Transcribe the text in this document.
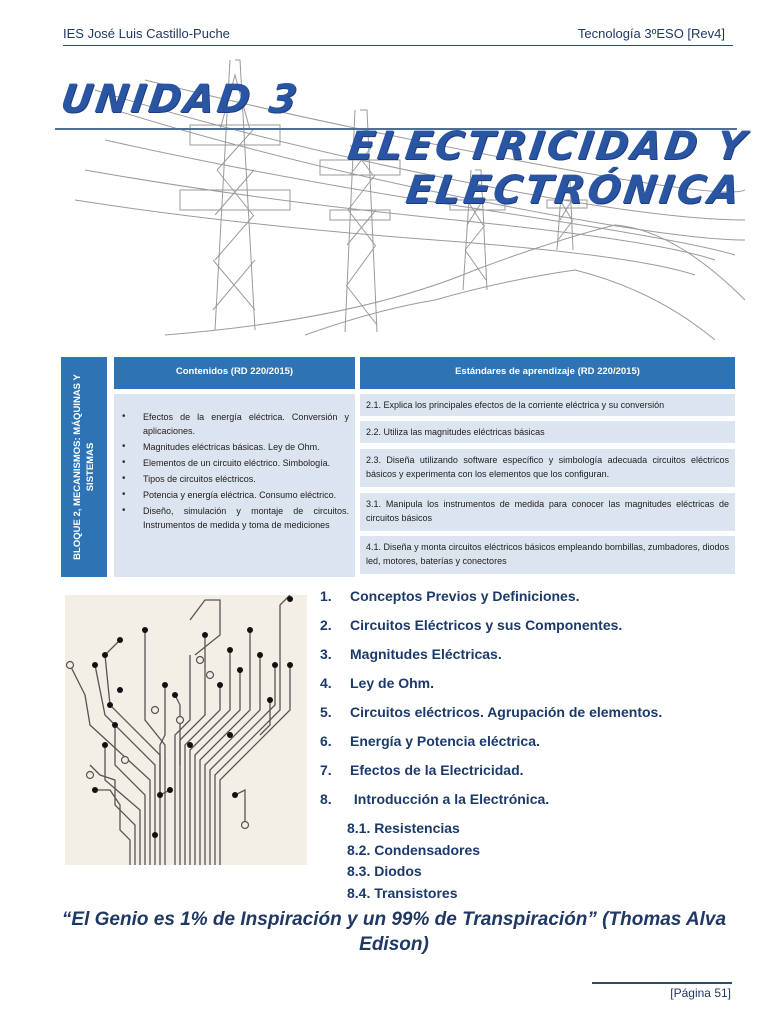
IES José Luis Castillo-Puche	Tecnología 3ºESO [Rev4]
UNIDAD 3
ELECTRICIDAD Y
ELECTRÓNICA
BLOQUE 2, MECANISMOS: MÁQUINAS Y SISTEMAS
Contenidos (RD 220/2015)	Estándares de aprendizaje (RD 220/2015)
• Efectos de la energía eléctrica. Conversión y aplicaciones.
• Magnitudes eléctricas básicas. Ley de Ohm.
• Elementos de un circuito eléctrico. Simbología.
• Tipos de circuitos eléctricos.
• Potencia y energía eléctrica. Consumo eléctrico.
• Diseño, simulación y montaje de circuitos. Instrumentos de medida y toma de mediciones
2.1. Explica los principales efectos de la corriente eléctrica y su conversión
2.2. Utiliza las magnitudes eléctricas básicas
2.3. Diseña utilizando software específico y simbología adecuada circuitos eléctricos básicos y experimenta con los elementos que los configuran.
3.1. Manipula los instrumentos de medida para conocer las magnitudes eléctricas de circuitos básicos
4.1. Diseña y monta circuitos eléctricos básicos empleando bombillas, zumbadores, diodos led, motores, baterías y conectores
1. Conceptos Previos y Definiciones.
2. Circuitos Eléctricos y sus Componentes.
3. Magnitudes Eléctricas.
4. Ley de Ohm.
5. Circuitos eléctricos. Agrupación de elementos.
6. Energía y Potencia eléctrica.
7. Efectos de la Electricidad.
8. Introducción a la Electrónica.
8.1. Resistencias
8.2. Condensadores
8.3. Diodos
8.4. Transistores
“El Genio es 1% de Inspiración y un 99% de Transpiración” (Thomas Alva Edison)
[Página 51]
